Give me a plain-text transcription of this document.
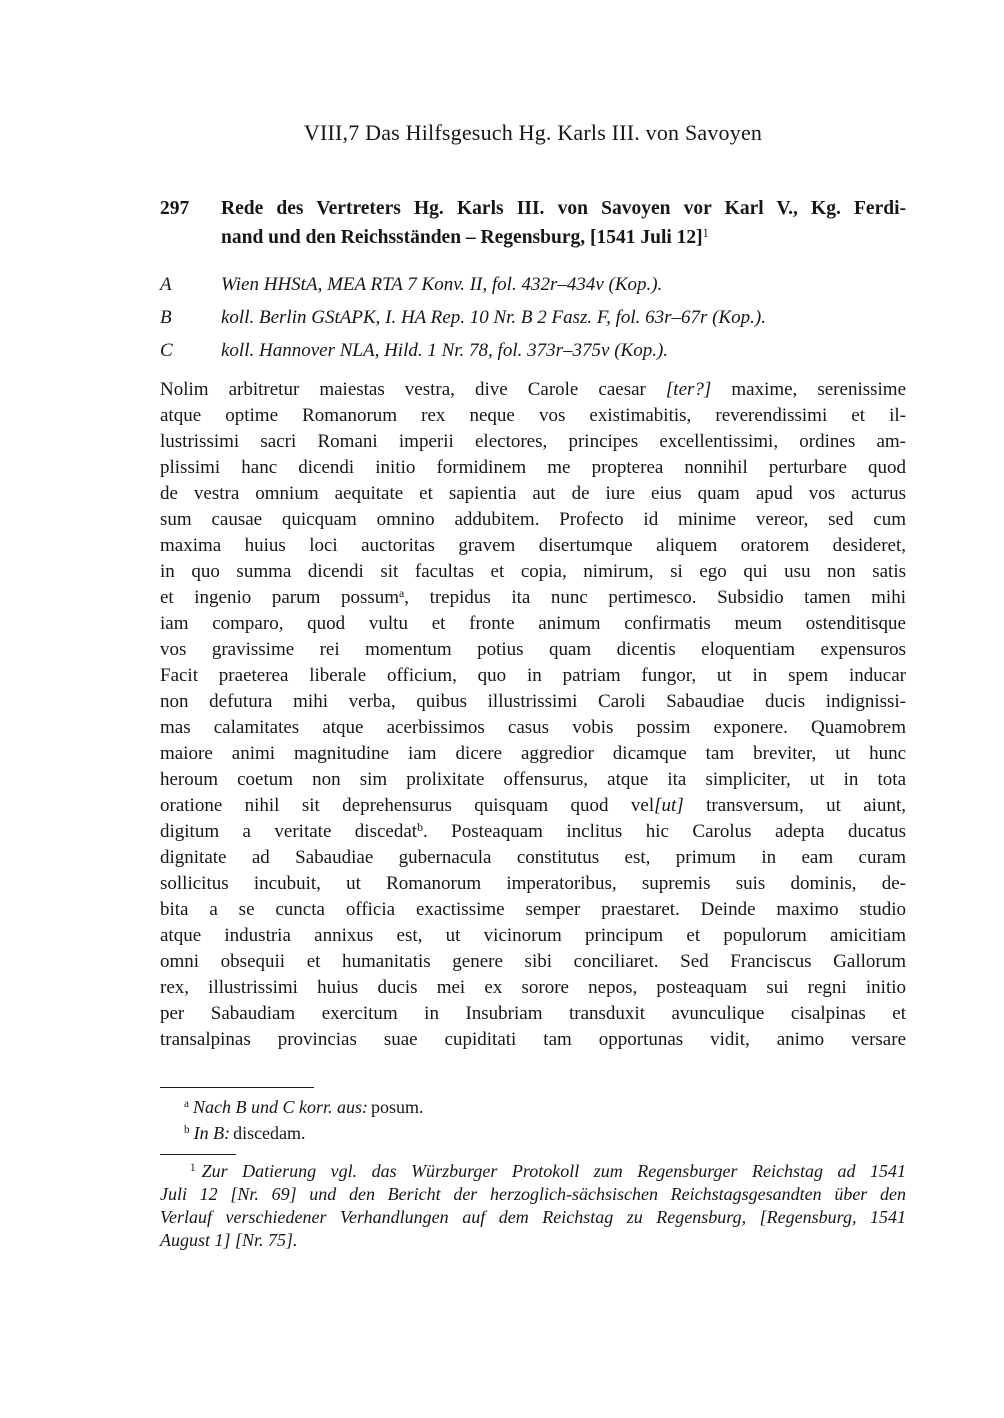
VIII,7 Das Hilfsgesuch Hg. Karls III. von Savoyen
297	Rede des Vertreters Hg. Karls III. von Savoyen vor Karl V., Kg. Ferdi-
nand und den Reichsständen – Regensburg, [1541 Juli 12]$^1$
A	Wien HHStA, MEA RTA 7 Konv. II, fol. 432r–434v (Kop.).
B	koll. Berlin GStAPK, I. HA Rep. 10 Nr. B 2 Fasz. F, fol. 63r–67r (Kop.).
C	koll. Hannover NLA, Hild. 1 Nr. 78, fol. 373r–375v (Kop.).
Nolim arbitretur maiestas vestra, dive Carole caesar [ter?] maxime, serenissime
atque optime Romanorum rex neque vos existimabitis, reverendissimi et il-
lustrissimi sacri Romani imperii electores, principes excellentissimi, ordines am-
plissimi hanc dicendi initio formidinem me propterea nonnihil perturbare quod
de vestra omnium aequitate et sapientia aut de iure eius quam apud vos acturus
sum causae quicquam omnino addubitem. Profecto id minime vereor, sed cum
maxima huius loci auctoritas gravem disertumque aliquem oratorem desideret,
in quo summa dicendi sit facultas et copia, nimirum, si ego qui usu non satis
et ingenio parum possum$^a$, trepidus ita nunc pertimesco. Subsidio tamen mihi
iam comparo, quod vultu et fronte animum confirmatis meum ostenditisque
vos gravissime rei momentum potius quam dicentis eloquentiam expensuros
Facit praeterea liberale officium, quo in patriam fungor, ut in spem inducar
non defutura mihi verba, quibus illustrissimi Caroli Sabaudiae ducis indignissi-
mas calamitates atque acerbissimos casus vobis possim exponere. Quamobrem
maiore animi magnitudine iam dicere aggredior dicamque tam breviter, ut hunc
heroum coetum non sim prolixitate offensurus, atque ita simpliciter, ut in tota
oratione nihil sit deprehensurus quisquam quod vel[ut] transversum, ut aiunt,
digitum a veritate discedat$^b$. Posteaquam inclitus hic Carolus adepta ducatus
dignitate ad Sabaudiae gubernacula constitutus est, primum in eam curam
sollicitus incubuit, ut Romanorum imperatoribus, supremis suis dominis, de-
bita a se cuncta officia exactissime semper praestaret. Deinde maximo studio
atque industria annixus est, ut vicinorum principum et populorum amicitiam
omni obsequii et humanitatis genere sibi conciliaret. Sed Franciscus Gallorum
rex, illustrissimi huius ducis mei ex sorore nepos, posteaquam sui regni initio
per Sabaudiam exercitum in Insubriam transduxit avunculique cisalpinas et
transalpinas provincias suae cupiditati tam opportunas vidit, animo versare
$^a$ Nach B und C korr. aus: posum.
$^b$ In B: discedam.
$^1$ Zur Datierung vgl. das Würzburger Protokoll zum Regensburger Reichstag ad 1541
Juli 12 [Nr. 69] und den Bericht der herzoglich-sächsischen Reichstagsgesandten über den
Verlauf verschiedener Verhandlungen auf dem Reichstag zu Regensburg, [Regensburg, 1541
August 1] [Nr. 75].
